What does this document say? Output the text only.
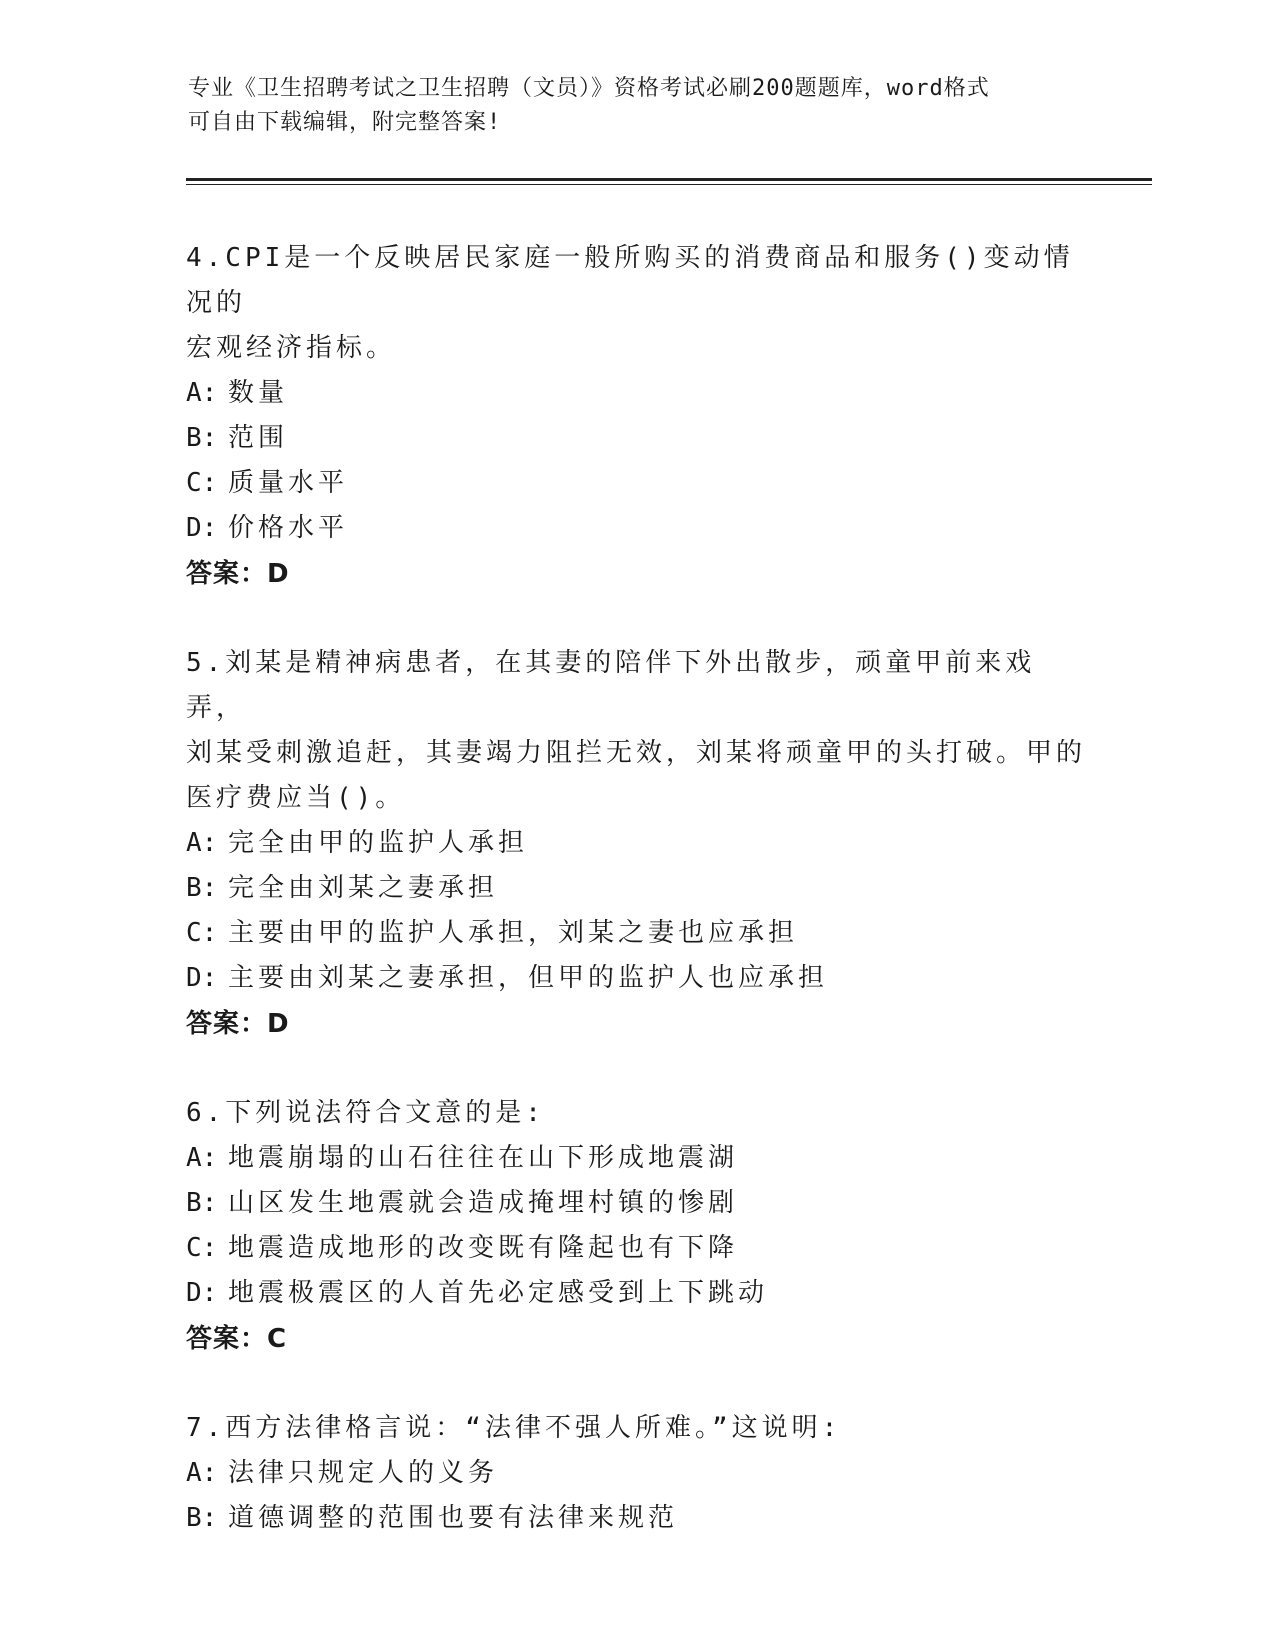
专业《卫生招聘考试之卫生招聘（文员）》资格考试必刷200题题库，word格式
可自由下载编辑，附完整答案!

4.CPI是一个反映居民家庭一般所购买的消费商品和服务()变动情况的

宏观经济指标。

A: 数量

B: 范围

C: 质量水平

D: 价格水平

答案：D

5.刘某是精神病患者，在其妻的陪伴下外出散步，顽童甲前来戏弄，

刘某受刺激追赶，其妻竭力阻拦无效，刘某将顽童甲的头打破。甲的

医疗费应当()。

A: 完全由甲的监护人承担

B: 完全由刘某之妻承担

C: 主要由甲的监护人承担，刘某之妻也应承担

D: 主要由刘某之妻承担，但甲的监护人也应承担

答案：D

6.下列说法符合文意的是:

A: 地震崩塌的山石往往在山下形成地震湖

B: 山区发生地震就会造成掩埋村镇的惨剧

C: 地震造成地形的改变既有隆起也有下降

D: 地震极震区的人首先必定感受到上下跳动

答案：C

7.西方法律格言说：“法律不强人所难。”这说明:

A: 法律只规定人的义务

B: 道德调整的范围也要有法律来规范
